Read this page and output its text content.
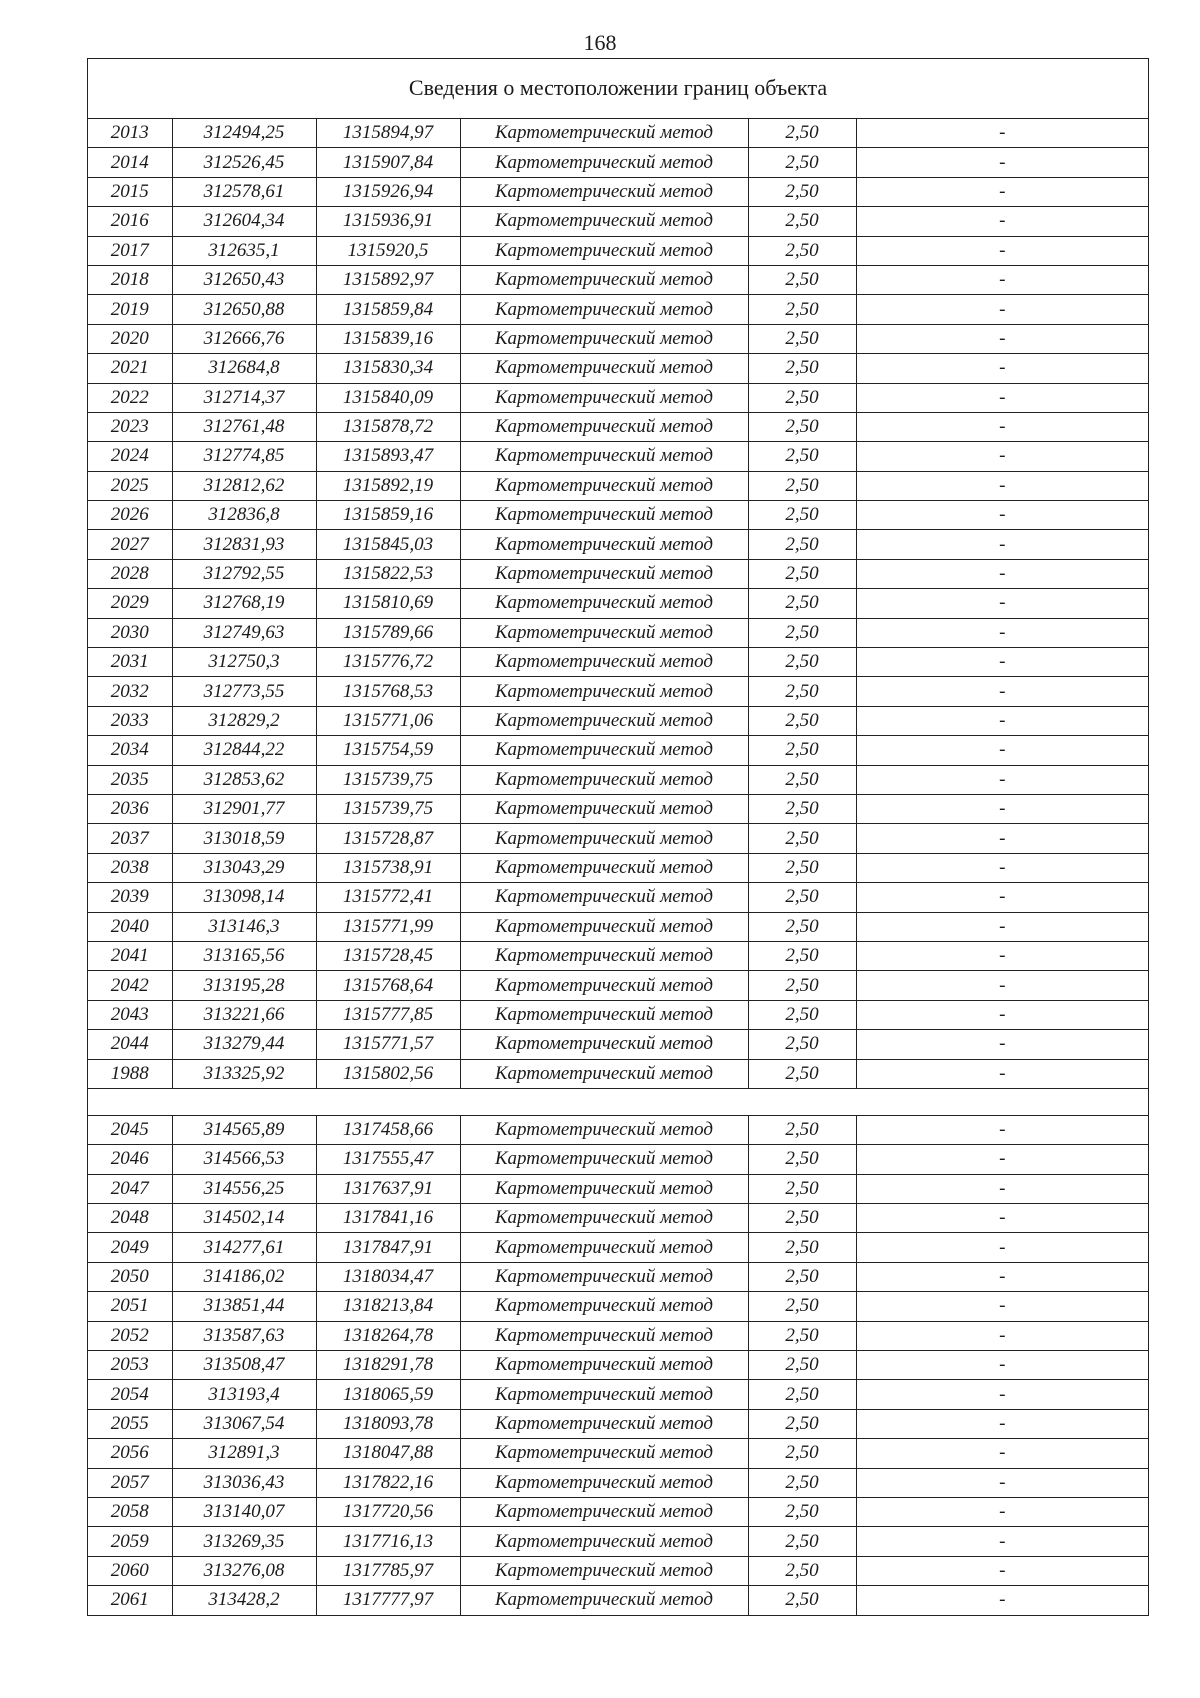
168
Сведения о местоположении границ объекта
2013	312494,25	1315894,97	Картометрический метод	2,50	-
2014	312526,45	1315907,84	Картометрический метод	2,50	-
2015	312578,61	1315926,94	Картометрический метод	2,50	-
2016	312604,34	1315936,91	Картометрический метод	2,50	-
2017	312635,1	1315920,5	Картометрический метод	2,50	-
2018	312650,43	1315892,97	Картометрический метод	2,50	-
2019	312650,88	1315859,84	Картометрический метод	2,50	-
2020	312666,76	1315839,16	Картометрический метод	2,50	-
2021	312684,8	1315830,34	Картометрический метод	2,50	-
2022	312714,37	1315840,09	Картометрический метод	2,50	-
2023	312761,48	1315878,72	Картометрический метод	2,50	-
2024	312774,85	1315893,47	Картометрический метод	2,50	-
2025	312812,62	1315892,19	Картометрический метод	2,50	-
2026	312836,8	1315859,16	Картометрический метод	2,50	-
2027	312831,93	1315845,03	Картометрический метод	2,50	-
2028	312792,55	1315822,53	Картометрический метод	2,50	-
2029	312768,19	1315810,69	Картометрический метод	2,50	-
2030	312749,63	1315789,66	Картометрический метод	2,50	-
2031	312750,3	1315776,72	Картометрический метод	2,50	-
2032	312773,55	1315768,53	Картометрический метод	2,50	-
2033	312829,2	1315771,06	Картометрический метод	2,50	-
2034	312844,22	1315754,59	Картометрический метод	2,50	-
2035	312853,62	1315739,75	Картометрический метод	2,50	-
2036	312901,77	1315739,75	Картометрический метод	2,50	-
2037	313018,59	1315728,87	Картометрический метод	2,50	-
2038	313043,29	1315738,91	Картометрический метод	2,50	-
2039	313098,14	1315772,41	Картометрический метод	2,50	-
2040	313146,3	1315771,99	Картометрический метод	2,50	-
2041	313165,56	1315728,45	Картометрический метод	2,50	-
2042	313195,28	1315768,64	Картометрический метод	2,50	-
2043	313221,66	1315777,85	Картометрический метод	2,50	-
2044	313279,44	1315771,57	Картометрический метод	2,50	-
1988	313325,92	1315802,56	Картометрический метод	2,50	-

2045	314565,89	1317458,66	Картометрический метод	2,50	-
2046	314566,53	1317555,47	Картометрический метод	2,50	-
2047	314556,25	1317637,91	Картометрический метод	2,50	-
2048	314502,14	1317841,16	Картометрический метод	2,50	-
2049	314277,61	1317847,91	Картометрический метод	2,50	-
2050	314186,02	1318034,47	Картометрический метод	2,50	-
2051	313851,44	1318213,84	Картометрический метод	2,50	-
2052	313587,63	1318264,78	Картометрический метод	2,50	-
2053	313508,47	1318291,78	Картометрический метод	2,50	-
2054	313193,4	1318065,59	Картометрический метод	2,50	-
2055	313067,54	1318093,78	Картометрический метод	2,50	-
2056	312891,3	1318047,88	Картометрический метод	2,50	-
2057	313036,43	1317822,16	Картометрический метод	2,50	-
2058	313140,07	1317720,56	Картометрический метод	2,50	-
2059	313269,35	1317716,13	Картометрический метод	2,50	-
2060	313276,08	1317785,97	Картометрический метод	2,50	-
2061	313428,2	1317777,97	Картометрический метод	2,50	-
